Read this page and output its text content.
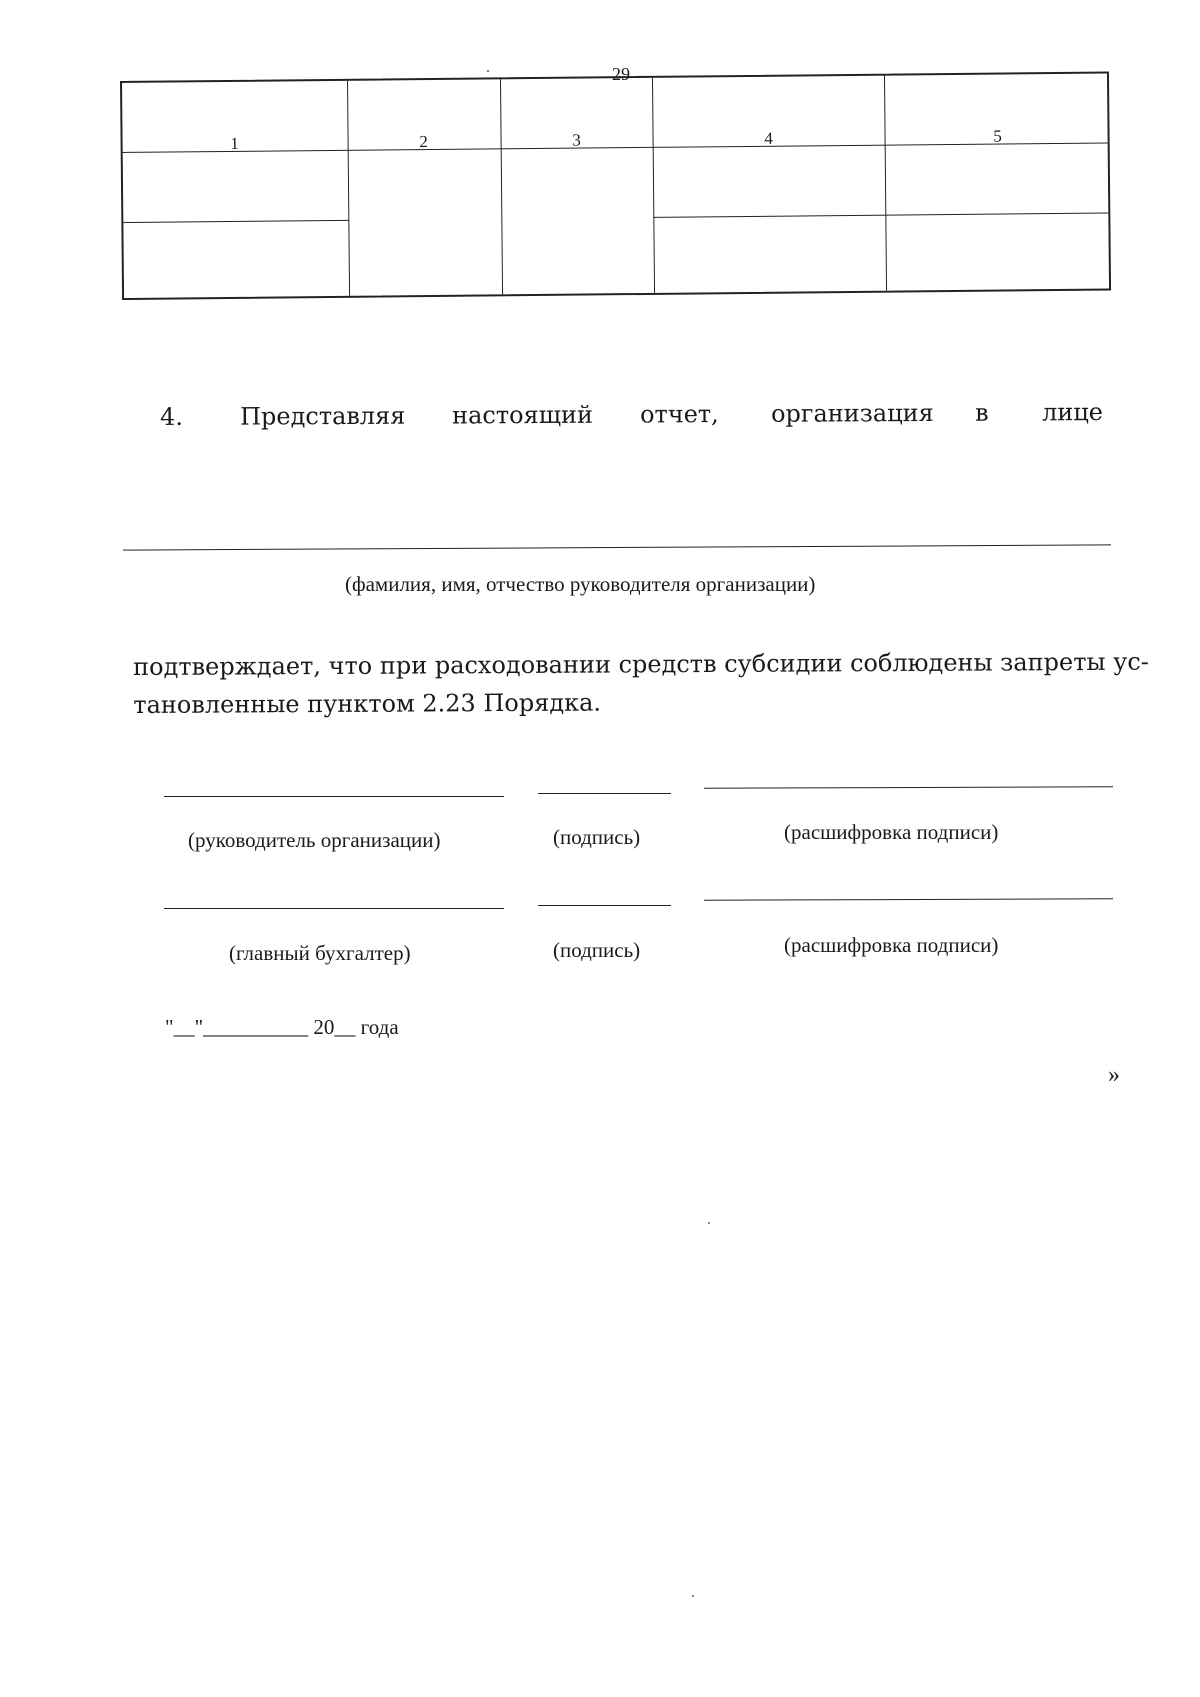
29
1	2	3	4	5
4. Представляя настоящий отчет, организация в лице
(фамилия, имя, отчество руководителя организации)
подтверждает, что при расходовании средств субсидии соблюдены запреты ус-
тановленные пунктом 2.23 Порядка.
(руководитель организации)	(подпись)	(расшифровка подписи)
(главный бухгалтер)	(подпись)	(расшифровка подписи)
"__"__________ 20__ года
»
